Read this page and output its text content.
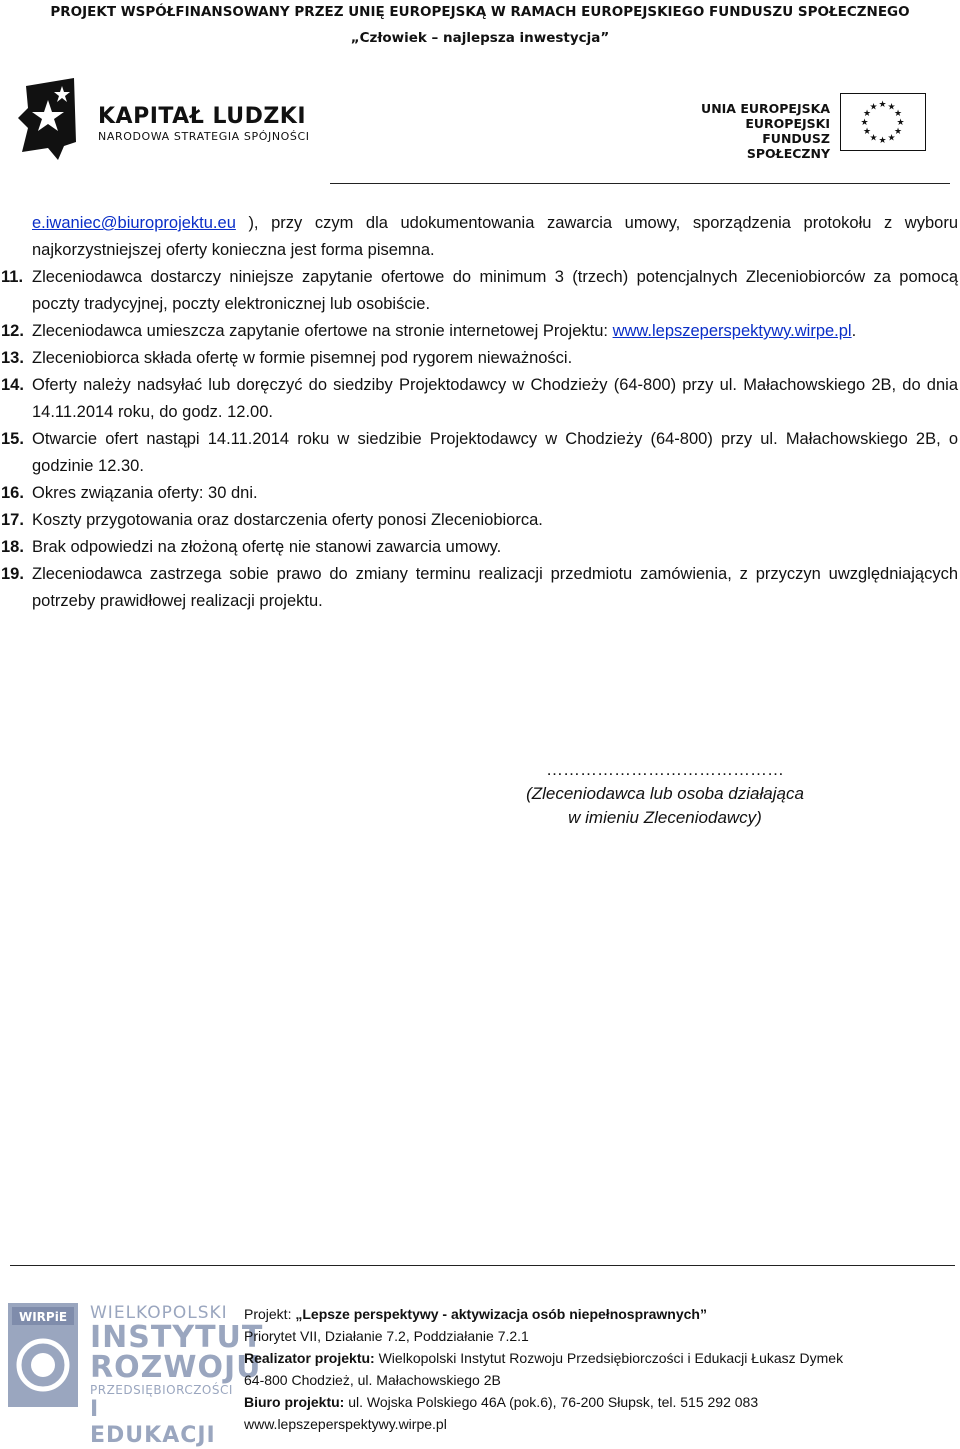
PROJEKT WSPÓŁFINANSOWANY PRZEZ UNIĘ EUROPEJSKĄ W RAMACH EUROPEJSKIEGO FUNDUSZU SPOŁECZNEGO
„Człowiek – najlepsza inwestycja”
KAPITAŁ LUDZKI
NARODOWA STRATEGIA SPÓJNOŚCI
UNIA EUROPEJSKA
EUROPEJSKI
FUNDUSZ SPOŁECZNY
★ ★
★
★
★
★
★
★
★
★
★
★
e.iwaniec@biuroprojektu.eu ), przy czym dla udokumentowania zawarcia umowy, sporządzenia protokołu z wyboru
najkorzystniejszej oferty konieczna jest forma pisemna.
11. Zleceniodawca dostarczy niniejsze zapytanie ofertowe do minimum 3 (trzech) potencjalnych Zleceniobiorców za pomocą
poczty tradycyjnej, poczty elektronicznej lub osobiście.
12. Zleceniodawca umieszcza zapytanie ofertowe na stronie internetowej Projektu: www.lepszeperspektywy.wirpe.pl.
13. Zleceniobiorca składa ofertę w formie pisemnej pod rygorem nieważności.
14. Oferty należy nadsyłać lub doręczyć do siedziby Projektodawcy w Chodzieży (64-800) przy ul. Małachowskiego 2B, do dnia
14.11.2014 roku, do godz. 12.00.
15. Otwarcie ofert nastąpi 14.11.2014 roku w siedzibie Projektodawcy w Chodzieży (64-800) przy ul. Małachowskiego 2B, o
godzinie 12.30.
16. Okres związania oferty: 30 dni.
17. Koszty przygotowania oraz dostarczenia oferty ponosi Zleceniobiorca.
18. Brak odpowiedzi na złożoną ofertę nie stanowi zawarcia umowy.
19. Zleceniodawca zastrzega sobie prawo do zmiany terminu realizacji przedmiotu zamówienia, z przyczyn uwzględniających
potrzeby prawidłowej realizacji projektu.
……………………………………
(Zleceniodawca lub osoba działająca
w imieniu Zleceniodawcy)
WIRPiE WIELKOPOLSKI
INSTYTUT
ROZWOJU
PRZEDSIĘBIORCZOŚCI
I EDUKACJI
Projekt: „Lepsze perspektywy - aktywizacja osób niepełnosprawnych”
Priorytet VII, Działanie 7.2, Poddziałanie 7.2.1
Realizator projektu: Wielkopolski Instytut Rozwoju Przedsiębiorczości i Edukacji Łukasz Dymek
64-800 Chodzież, ul. Małachowskiego 2B
Biuro projektu: ul. Wojska Polskiego 46A (pok.6), 76-200 Słupsk, tel. 515 292 083
www.lepszeperspektywy.wirpe.pl
